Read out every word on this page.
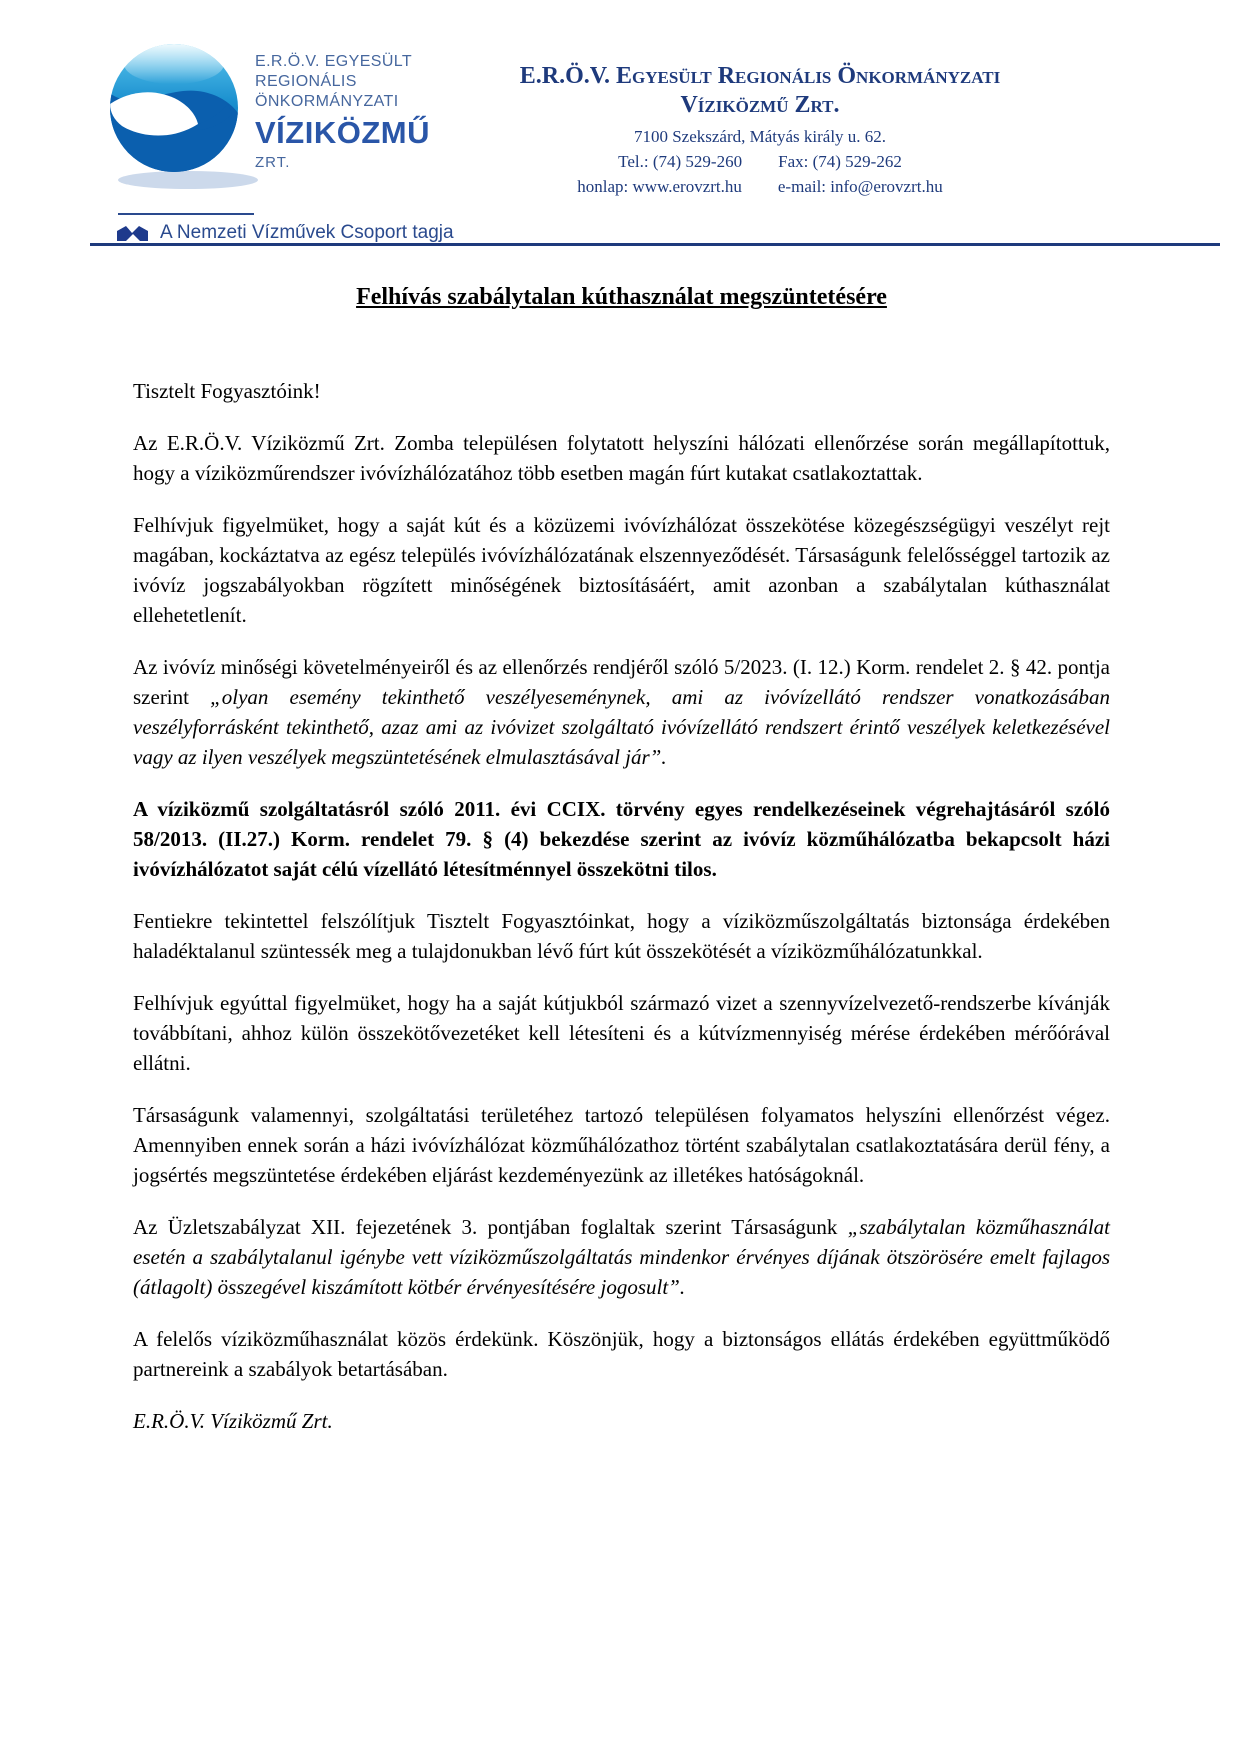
E.R.Ö.V. EGYESÜLT
REGIONÁLIS
ÖNKORMÁNYZATI
VÍZIKÖZMŰ
ZRT.
A Nemzeti Vízművek Csoport tagja
E.R.Ö.V. Egyesült Regionális Önkormányzati
Víziközmű Zrt.
7100 Szekszárd, Mátyás király u. 62.
Tel.: (74) 529-260 Fax: (74) 529-262
honlap: www.erovzrt.hu e-mail: info@erovzrt.hu
Felhívás szabálytalan kúthasználat megszüntetésére

Tisztelt Fogyasztóink!

Az E.R.Ö.V. Víziközmű Zrt. Zomba településen folytatott helyszíni hálózati ellenőrzése során megállapítottuk, hogy a víziközműrendszer ivóvízhálózatához több esetben magán fúrt kutakat csatlakoztattak.

Felhívjuk figyelmüket, hogy a saját kút és a közüzemi ivóvízhálózat összekötése közegészségügyi veszélyt rejt magában, kockáztatva az egész település ivóvízhálózatának elszennyeződését. Társaságunk felelősséggel tartozik az ivóvíz jogszabályokban rögzített minőségének biztosításáért, amit azonban a szabálytalan kúthasználat ellehetetlenít.

Az ivóvíz minőségi követelményeiről és az ellenőrzés rendjéről szóló 5/2023. (I. 12.) Korm. rendelet 2. § 42. pontja szerint „olyan esemény tekinthető veszélyeseménynek, ami az ivóvízellátó rendszer vonatkozásában veszélyforrásként tekinthető, azaz ami az ivóvizet szolgáltató ivóvízellátó rendszert érintő veszélyek keletkezésével vagy az ilyen veszélyek megszüntetésének elmulasztásával jár”.

A víziközmű szolgáltatásról szóló 2011. évi CCIX. törvény egyes rendelkezéseinek végrehajtásáról szóló 58/2013. (II.27.) Korm. rendelet 79. § (4) bekezdése szerint az ivóvíz közműhálózatba bekapcsolt házi ivóvízhálózatot saját célú vízellátó létesítménnyel összekötni tilos.

Fentiekre tekintettel felszólítjuk Tisztelt Fogyasztóinkat, hogy a víziközműszolgáltatás biztonsága érdekében haladéktalanul szüntessék meg a tulajdonukban lévő fúrt kút összekötését a víziközműhálózatunkkal.

Felhívjuk egyúttal figyelmüket, hogy ha a saját kútjukból származó vizet a szennyvízelvezető-rendszerbe kívánják továbbítani, ahhoz külön összekötővezetéket kell létesíteni és a kútvízmennyiség mérése érdekében mérőórával ellátni.

Társaságunk valamennyi, szolgáltatási területéhez tartozó településen folyamatos helyszíni ellenőrzést végez. Amennyiben ennek során a házi ivóvízhálózat közműhálózathoz történt szabálytalan csatlakoztatására derül fény, a jogsértés megszüntetése érdekében eljárást kezdeményezünk az illetékes hatóságoknál.

Az Üzletszabályzat XII. fejezetének 3. pontjában foglaltak szerint Társaságunk „szabálytalan közműhasználat esetén a szabálytalanul igénybe vett víziközműszolgáltatás mindenkor érvényes díjának ötszörösére emelt fajlagos (átlagolt) összegével kiszámított kötbér érvényesítésére jogosult”.

A felelős víziközműhasználat közös érdekünk. Köszönjük, hogy a biztonságos ellátás érdekében együttműködő partnereink a szabályok betartásában.

E.R.Ö.V. Víziközmű Zrt.
